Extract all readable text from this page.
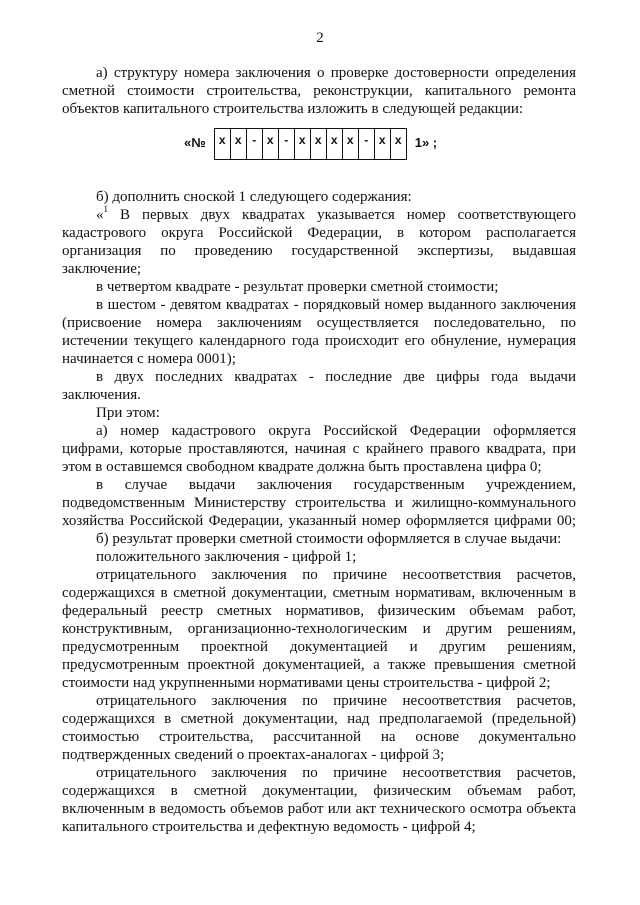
2
а) структуру номера заключения о проверке достоверности определения
сметной стоимости строительства, реконструкции, капитального ремонта
объектов капитального строительства изложить в следующей редакции:
«№	x x - x - x x x x - x x	1» ;
б) дополнить сноской 1 следующего содержания:
«$^1$ В первых двух квадратах указывается номер соответствующего
кадастрового округа Российской Федерации, в котором располагается
организация по проведению государственной экспертизы, выдавшая
заключение;
в четвертом квадрате - результат проверки сметной стоимости;
в шестом - девятом квадратах - порядковый номер выданного заключения
(присвоение номера заключениям осуществляется последовательно, по
истечении текущего календарного года происходит его обнуление, нумерация
начинается с номера 0001);
в двух последних квадратах - последние две цифры года выдачи
заключения.
При этом:
а) номер кадастрового округа Российской Федерации оформляется
цифрами, которые проставляются, начиная с крайнего правого квадрата, при
этом в оставшемся свободном квадрате должна быть проставлена цифра 0;
в случае выдачи заключения государственным учреждением,
подведомственным Министерству строительства и жилищно-коммунального
хозяйства Российской Федерации, указанный номер оформляется цифрами 00;
б) результат проверки сметной стоимости оформляется в случае выдачи:
положительного заключения - цифрой 1;
отрицательного заключения по причине несоответствия расчетов,
содержащихся в сметной документации, сметным нормативам, включенным в
федеральный реестр сметных нормативов, физическим объемам работ,
конструктивным, организационно-технологическим и другим решениям,
предусмотренным проектной документацией и другим решениям,
предусмотренным проектной документацией, а также превышения сметной
стоимости над укрупненными нормативами цены строительства - цифрой 2;
отрицательного заключения по причине несоответствия расчетов,
содержащихся в сметной документации, над предполагаемой (предельной)
стоимостью строительства, рассчитанной на основе документально
подтвержденных сведений о проектах-аналогах - цифрой 3;
отрицательного заключения по причине несоответствия расчетов,
содержащихся в сметной документации, физическим объемам работ,
включенным в ведомость объемов работ или акт технического осмотра объекта
капитального строительства и дефектную ведомость - цифрой 4;
